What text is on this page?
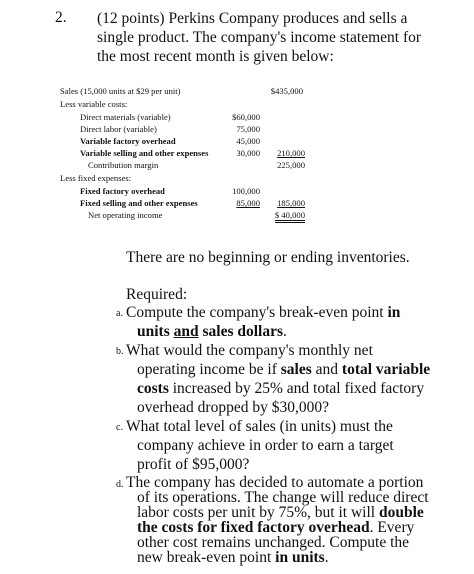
2. (12 points) Perkins Company produces and sells a
single product. The company's income statement for
the most recent month is given below:
Sales (15,000 units at $29 per unit)	$435,000
Less variable costs:
Direct materials (variable)	$60,000
Direct labor (variable)	75,000
Variable factory overhead	45,000
Variable selling and other expenses	30,000	210,000
Contribution margin	225,000
Less fixed expenses:
Fixed factory overhead	100,000
Fixed selling and other expenses	85,000	185,000
Net operating income	$ 40,000
There are no beginning or ending inventories.
Required:
a. Compute the company's break-even point in
units and sales dollars.
b. What would the company's monthly net
operating income be if sales and total variable
costs increased by 25% and total fixed factory
overhead dropped by $30,000?
c. What total level of sales (in units) must the
company achieve in order to earn a target
profit of $95,000?
d. The company has decided to automate a portion
of its operations. The change will reduce direct
labor costs per unit by 75%, but it will double
the costs for fixed factory overhead. Every
other cost remains unchanged. Compute the
new break-even point in units.
